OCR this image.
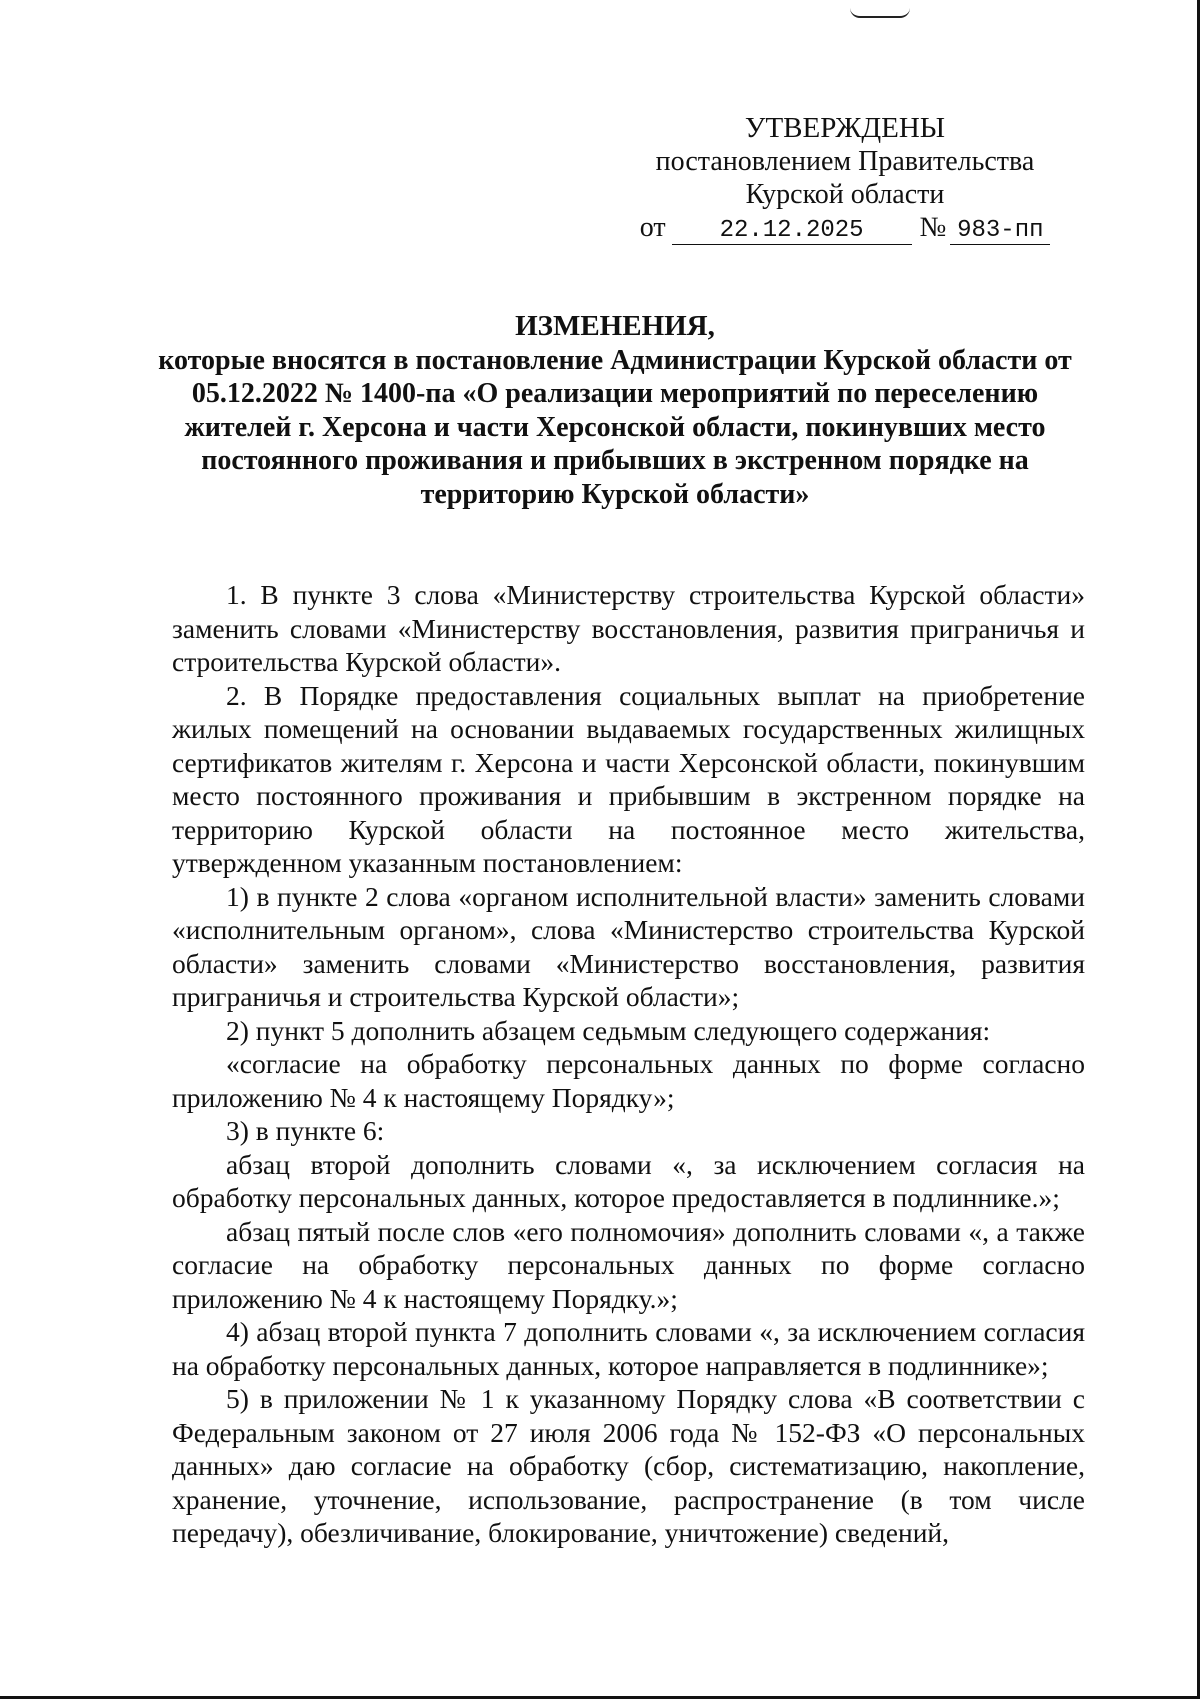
УТВЕРЖДЕНЫ
постановлением Правительства
Курской области
от 22.12.2025 № 983-пп
ИЗМЕНЕНИЯ,
которые вносятся в постановление Администрации Курской области от 05.12.2022 № 1400-па «О реализации мероприятий по переселению жителей г. Херсона и части Херсонской области, покинувших место постоянного проживания и прибывших в экстренном порядке на территорию Курской области»

1. В пункте 3 слова «Министерству строительства Курской области» заменить словами «Министерству восстановления, развития приграничья и строительства Курской области».

2. В Порядке предоставления социальных выплат на приобретение жилых помещений на основании выдаваемых государственных жилищных сертификатов жителям г. Херсона и части Херсонской области, покинувшим место постоянного проживания и прибывшим в экстренном порядке на территорию Курской области на постоянное место жительства, утвержденном указанным постановлением:

1) в пункте 2 слова «органом исполнительной власти» заменить словами «исполнительным органом», слова «Министерство строительства Курской области» заменить словами «Министерство восстановления, развития приграничья и строительства Курской области»;

2) пункт 5 дополнить абзацем седьмым следующего содержания:

«согласие на обработку персональных данных по форме согласно приложению № 4 к настоящему Порядку»;

3) в пункте 6:

абзац второй дополнить словами «, за исключением согласия на обработку персональных данных, которое предоставляется в подлиннике.»;

абзац пятый после слов «его полномочия» дополнить словами «, а также согласие на обработку персональных данных по форме согласно приложению № 4 к настоящему Порядку.»;

4) абзац второй пункта 7 дополнить словами «, за исключением согласия на обработку персональных данных, которое направляется в подлиннике»;

5) в приложении № 1 к указанному Порядку слова «В соответствии с Федеральным законом от 27 июля 2006 года № 152-ФЗ «О персональных данных» даю согласие на обработку (сбор, систематизацию, накопление, хранение, уточнение, использование, распространение (в том числе передачу), обезличивание, блокирование, уничтожение) сведений,
